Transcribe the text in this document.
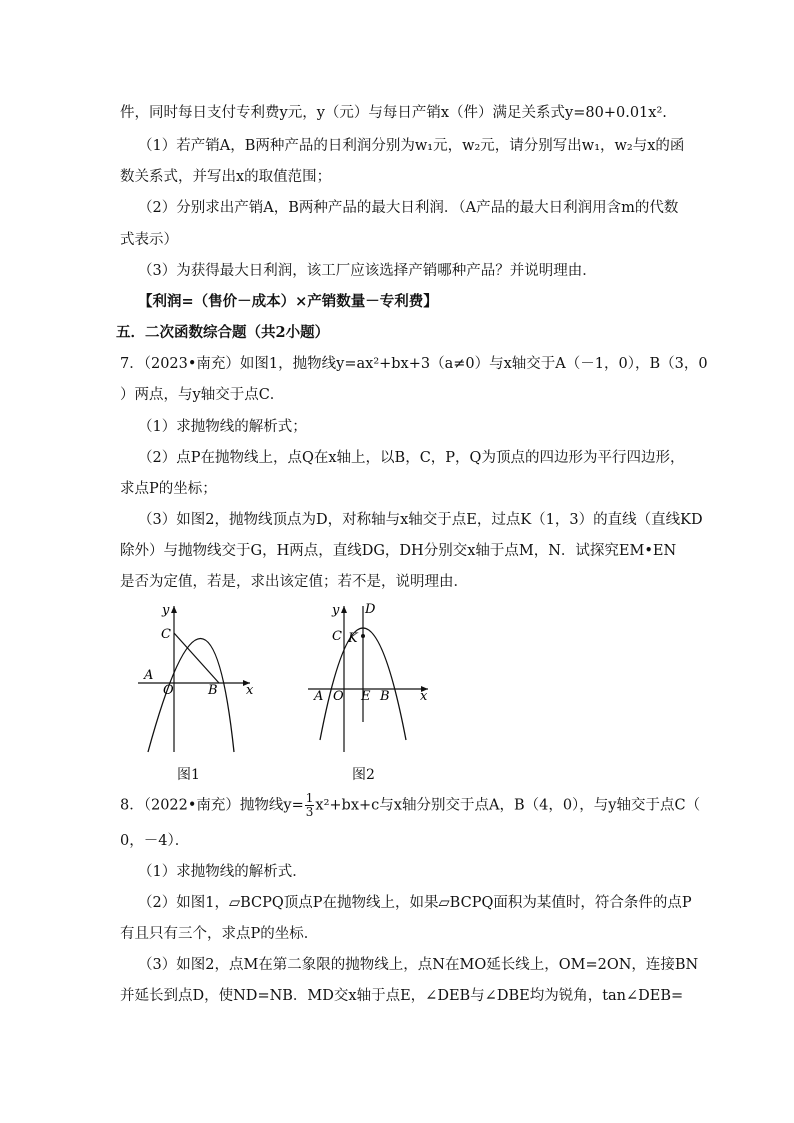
件，同时每日支付专利费y元，y（元）与每日产销x（件）满足关系式y=80+0.01x².
（1）若产销A，B两种产品的日利润分别为w₁元，w₂元，请分别写出w₁，w₂与x的函
数关系式，并写出x的取值范围；
（2）分别求出产销A，B两种产品的最大日利润．（A产品的最大日利润用含m的代数
式表示）
（3）为获得最大日利润，该工厂应该选择产销哪种产品？并说明理由．
【利润=（售价－成本）×产销数量－专利费】
五．二次函数综合题（共2小题）
7．（2023•南充）如图1，抛物线y=ax²+bx+3（a≠0）与x轴交于A（－1，0），B（3，0
）两点，与y轴交于点C．
（1）求抛物线的解析式；
（2）点P在抛物线上，点Q在x轴上，以B，C，P，Q为顶点的四边形为平行四边形，
求点P的坐标；
（3）如图2，抛物线顶点为D，对称轴与x轴交于点E，过点K（1，3）的直线（直线KD
除外）与抛物线交于G，H两点，直线DG，DH分别交x轴于点M，N．试探究EM•EN
是否为定值，若是，求出该定值；若不是，说明理由．
y
x
C
A
O	B
图1
y
x
D
C K
A O E B
图2
8．（2022•南充）抛物线$y= \frac{1}{3} x^2+bx+c$与x轴分别交于点A，B（4，0），与y轴交于点C（
0，－4）．
（1）求抛物线的解析式．
（2）如图1，▱BCPQ顶点P在抛物线上，如果▱BCPQ面积为某值时，符合条件的点P
有且只有三个，求点P的坐标．
（3）如图2，点M在第二象限的抛物线上，点N在MO延长线上，OM=2ON，连接BN
并延长到点D，使ND=NB．MD交x轴于点E，∠DEB与∠DBE均为锐角，tan∠DEB=
